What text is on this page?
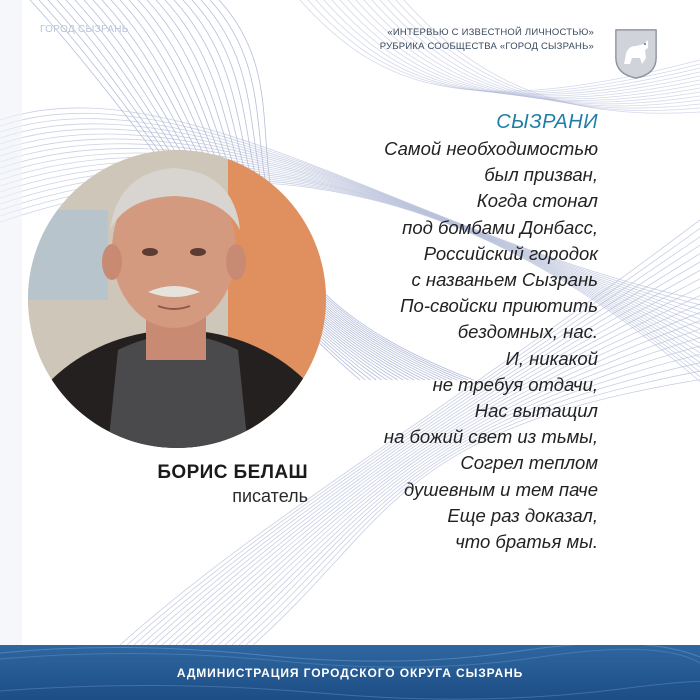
ГОРОД СЫЗРАНЬ	«ИНТЕРВЬЮ С ИЗВЕСТНОЙ ЛИЧНОСТЬЮ»
РУБРИКА СООБЩЕСТВА «ГОРОД СЫЗРАНЬ»
БОРИС БЕЛАШ
писатель
СЫЗРАНИ
Самой необходимостью
был призван,
Когда стонал
под бомбами Донбасс,
Российский городок
с названьем Сызрань
По-свойски приютить
бездомных, нас.
И, никакой
не требуя отдачи,
Нас вытащил
на божий свет из тьмы,
Согрел теплом
душевным и тем паче
Еще раз доказал,
что братья мы.
АДМИНИСТРАЦИЯ ГОРОДСКОГО ОКРУГА СЫЗРАНЬ
